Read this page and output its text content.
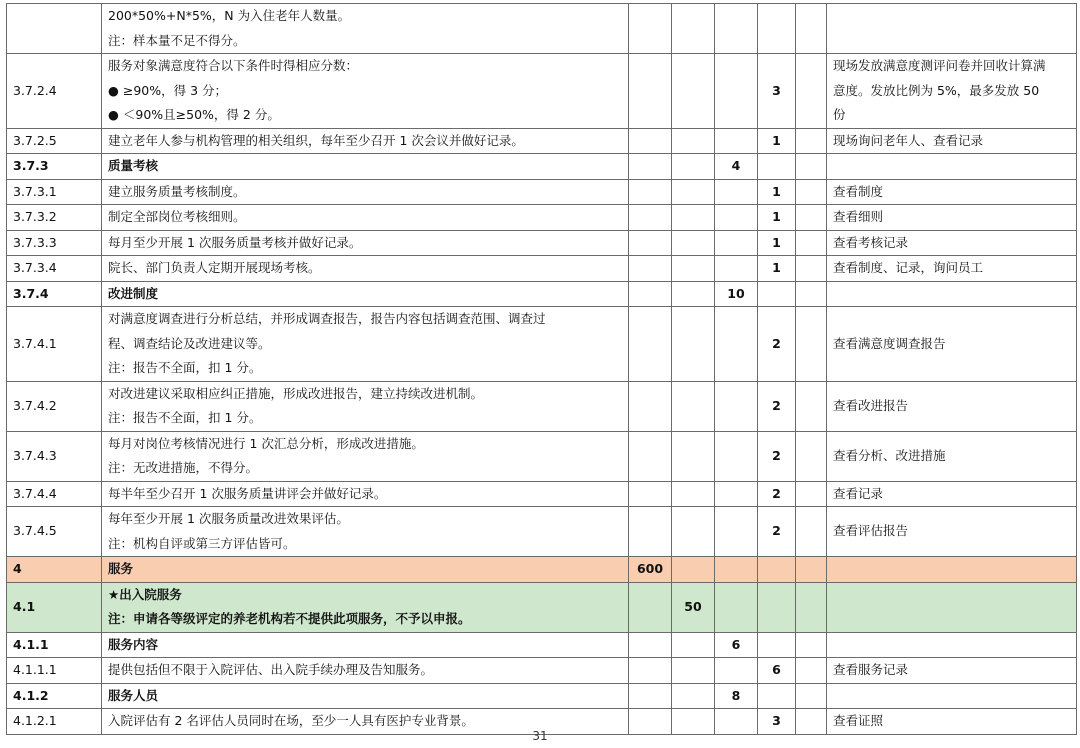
	200*50%+N*5%，N 为入住老年人数量。
注：样本量不足不得分。						

3.7.2.4	服务对象满意度符合以下条件时得相应分数：
● ≥90%，得 3 分；
● ＜90%且≥50%，得 2 分。				3		现场发放满意度测评问卷并回收计算满
意度。发放比例为 5%，最多发放 50
份

3.7.2.5	建立老年人参与机构管理的相关组织，每年至少召开 1 次会议并做好记录。				1		现场询问老年人、查看记录

3.7.3	质量考核			4			
3.7.3.1	建立服务质量考核制度。				1		查看制度

3.7.3.2	制定全部岗位考核细则。				1		查看细则

3.7.3.3	每月至少开展 1 次服务质量考核并做好记录。				1		查看考核记录

3.7.3.4	院长、部门负责人定期开展现场考核。				1		查看制度、记录，询问员工

3.7.4	改进制度			10			
3.7.4.1	对满意度调查进行分析总结，并形成调查报告，报告内容包括调查范围、调查过
程、调查结论及改进建议等。
注：报告不全面，扣 1 分。				2		查看满意度调查报告

3.7.4.2	对改进建议采取相应纠正措施，形成改进报告，建立持续改进机制。
注：报告不全面，扣 1 分。				2		查看改进报告

3.7.4.3	每月对岗位考核情况进行 1 次汇总分析，形成改进措施。
注：无改进措施，不得分。				2		查看分析、改进措施

3.7.4.4	每半年至少召开 1 次服务质量讲评会并做好记录。				2		查看记录

3.7.4.5	每年至少开展 1 次服务质量改进效果评估。
注：机构自评或第三方评估皆可。				2		查看评估报告

4	服务	600					
4.1	★出入院服务
注：申请各等级评定的养老机构若不提供此项服务，不予以申报。		50				
4.1.1	服务内容			6			
4.1.1.1	提供包括但不限于入院评估、出入院手续办理及告知服务。				6		查看服务记录

4.1.2	服务人员			8			
4.1.2.1	入院评估有 2 名评估人员同时在场，至少一人具有医护专业背景。				3		查看证照
31
